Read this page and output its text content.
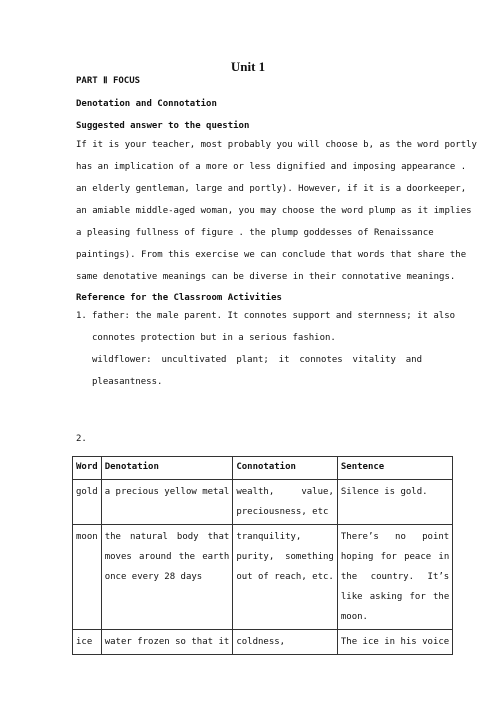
Unit 1
PART Ⅱ FOCUS
Denotation and Connotation
Suggested answer to the question
If it is your teacher, most probably you will choose b, as the word portly
has an implication of a more or less dignified and imposing appearance .
an elderly gentleman, large and portly). However, if it is a doorkeeper,
an amiable middle-aged woman, you may choose the word plump as it implies
a pleasing fullness of figure . the plump goddesses of Renaissance
paintings). From this exercise we can conclude that words that share the
same denotative meanings can be diverse in their connotative meanings.
Reference for the Classroom Activities
1. father: the male parent. It connotes support and sternness; it also
connotes protection but in a serious fashion.
wildflower: uncultivated plant; it connotes vitality and
pleasantness.
2.
Word	Denotation	Connotation	Sentence
gold	a precious yellow metal	wealth, value,
preciousness, etc	Silence is gold.

moon	the natural body that
moves around the earth
once every 28 days	tranquility,
purity, something
out of reach, etc.	There’s no point
hoping for peace in
the country. It’s
like asking for the
moon.

ice	water frozen so that it	coldness,	The ice in his voice
